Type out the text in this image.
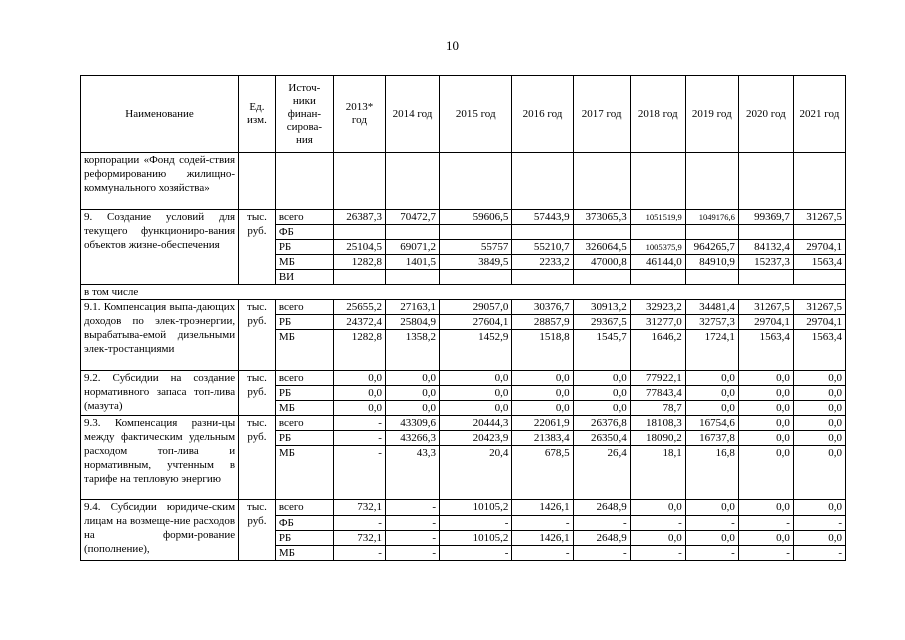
10
Наименование	Ед. изм.	Источ-ники финан-сирова-ния	2013* год	2014 год	2015 год	2016 год	2017 год	2018 год	2019 год	2020 год	2021 год
корпорации «Фонд содей-ствия реформированию жилищно-коммунального хозяйства»											
9. Создание условий для текущего функциониро-вания объектов жизне-обеспечения	тыс. руб.	всего	26387,3	70472,7	59606,5	57443,9	373065,3	1051519,9	1049176,6	99369,7	31267,5
		ФБ									
		РБ	25104,5	69071,2	55757	55210,7	326064,5	1005375,9	964265,7	84132,4	29704,1
		МБ	1282,8	1401,5	3849,5	2233,2	47000,8	46144,0	84910,9	15237,3	1563,4
		ВИ									
в том числе											
9.1. Компенсация выпа-дающих доходов по элек-троэнергии, вырабатыва-емой дизельными элек-тростанциями	тыс. руб.	всего	25655,2	27163,1	29057,0	30376,7	30913,2	32923,2	34481,4	31267,5	31267,5
		РБ	24372,4	25804,9	27604,1	28857,9	29367,5	31277,0	32757,3	29704,1	29704,1
		МБ	1282,8	1358,2	1452,9	1518,8	1545,7	1646,2	1724,1	1563,4	1563,4
9.2. Субсидии на создание нормативного запаса топ-лива (мазута)	тыс. руб.	всего	0,0	0,0	0,0	0,0	0,0	77922,1	0,0	0,0	0,0
		РБ	0,0	0,0	0,0	0,0	0,0	77843,4	0,0	0,0	0,0
		МБ	0,0	0,0	0,0	0,0	0,0	78,7	0,0	0,0	0,0
9.3. Компенсация разни-цы между фактическим удельным расходом топ-лива и нормативным, учтенным в тарифе на тепловую энергию	тыс. руб.	всего	-	43309,6	20444,3	22061,9	26376,8	18108,3	16754,6	0,0	0,0
		РБ	-	43266,3	20423,9	21383,4	26350,4	18090,2	16737,8	0,0	0,0
		МБ	-	43,3	20,4	678,5	26,4	18,1	16,8	0,0	0,0
9.4. Субсидии юридиче-ским лицам на возмеще-ние расходов на форми-рование (пополнение),	тыс. руб.	всего	732,1	-	10105,2	1426,1	2648,9	0,0	0,0	0,0	0,0
		ФБ	-	-	-	-	-	-	-	-	-
		РБ	732,1	-	10105,2	1426,1	2648,9	0,0	0,0	0,0	0,0
		МБ	-	-	-	-	-	-	-	-	-
